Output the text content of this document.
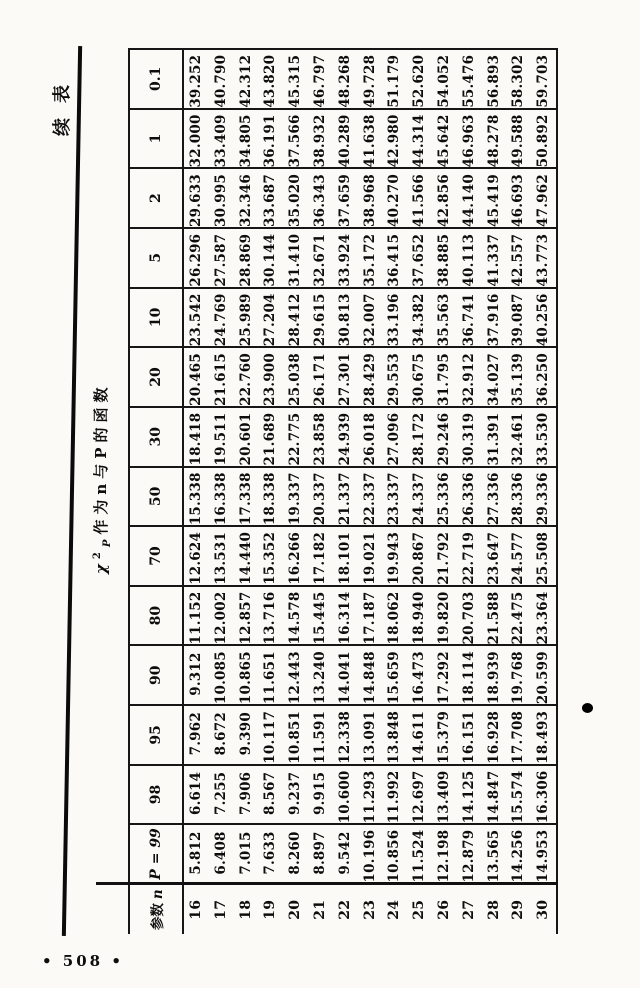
续表
$\chi^2_P$作为n与P的函数
参数n	P = 99	98	95	90	80	70	50	30	20	10	5	2	1	0.1
16	5.812	6.614	7.962	9.312	11.152	12.624	15.338	18.418	20.465	23.542	26.296	29.633	32.000	39.252
17	6.408	7.255	8.672	10.085	12.002	13.531	16.338	19.511	21.615	24.769	27.587	30.995	33.409	40.790
18	7.015	7.906	9.390	10.865	12.857	14.440	17.338	20.601	22.760	25.989	28.869	32.346	34.805	42.312
19	7.633	8.567	10.117	11.651	13.716	15.352	18.338	21.689	23.900	27.204	30.144	33.687	36.191	43.820
20	8.260	9.237	10.851	12.443	14.578	16.266	19.337	22.775	25.038	28.412	31.410	35.020	37.566	45.315
21	8.897	9.915	11.591	13.240	15.445	17.182	20.337	23.858	26.171	29.615	32.671	36.343	38.932	46.797
22	9.542	10.600	12.338	14.041	16.314	18.101	21.337	24.939	27.301	30.813	33.924	37.659	40.289	48.268
23	10.196	11.293	13.091	14.848	17.187	19.021	22.337	26.018	28.429	32.007	35.172	38.968	41.638	49.728
24	10.856	11.992	13.848	15.659	18.062	19.943	23.337	27.096	29.553	33.196	36.415	40.270	42.980	51.179
25	11.524	12.697	14.611	16.473	18.940	20.867	24.337	28.172	30.675	34.382	37.652	41.566	44.314	52.620
26	12.198	13.409	15.379	17.292	19.820	21.792	25.336	29.246	31.795	35.563	38.885	42.856	45.642	54.052
27	12.879	14.125	16.151	18.114	20.703	22.719	26.336	30.319	32.912	36.741	40.113	44.140	46.963	55.476
28	13.565	14.847	16.928	18.939	21.588	23.647	27.336	31.391	34.027	37.916	41.337	45.419	48.278	56.893
29	14.256	15.574	17.708	19.768	22.475	24.577	28.336	32.461	35.139	39.087	42.557	46.693	49.588	58.302
30	14.953	16.306	18.493	20.599	23.364	25.508	29.336	33.530	36.250	40.256	43.773	47.962	50.892	59.703
• 508 •
